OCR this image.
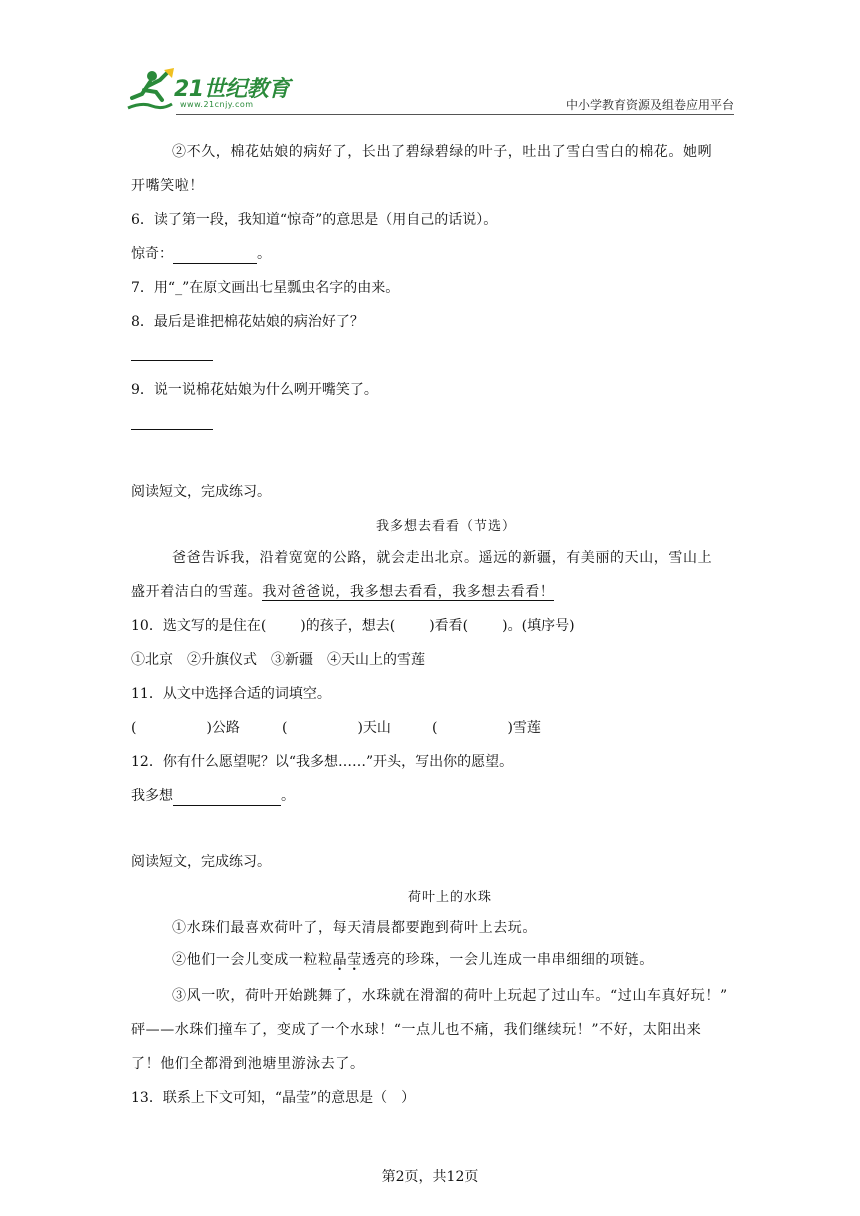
21世纪教育
www.21cnjy.com	中小学教育资源及组卷应用平台
②不久，棉花姑娘的病好了，长出了碧绿碧绿的叶子，吐出了雪白雪白的棉花。她咧
开嘴笑啦！
6．读了第一段，我知道“惊奇”的意思是（用自己的话说）。
惊奇：	。
7．用“_”在原文画出七星瓢虫名字的由来。
8．最后是谁把棉花姑娘的病治好了？
9．说一说棉花姑娘为什么咧开嘴笑了。
阅读短文，完成练习。
我多想去看看（节选）
爸爸告诉我，沿着宽宽的公路，就会走出北京。遥远的新疆，有美丽的天山，雪山上
盛开着洁白的雪莲。我对爸爸说，我多想去看看，我多想去看看！
10．选文写的是住在( )的孩子，想去( )看看( )。(填序号)
①北京　②升旗仪式　③新疆　④天山上的雪莲
11．从文中选择合适的词填空。
(　　　　　)公路	(　　　　　)天山	(　　　　　)雪莲
12．你有什么愿望呢？以“我多想……”开头，写出你的愿望。
我多想	。
阅读短文，完成练习。
荷叶上的水珠
①水珠们最喜欢荷叶了，每天清晨都要跑到荷叶上去玩。
②他们一会儿变成一粒粒晶莹透亮的珍珠，一会儿连成一串串细细的项链。
③风一吹，荷叶开始跳舞了，水珠就在滑溜的荷叶上玩起了过山车。“过山车真好玩！”
砰——水珠们撞车了，变成了一个水球！“一点儿也不痛，我们继续玩！”不好，太阳出来
了！他们全都滑到池塘里游泳去了。
13．联系上下文可知，“晶莹”的意思是（　）
第2页，共12页
